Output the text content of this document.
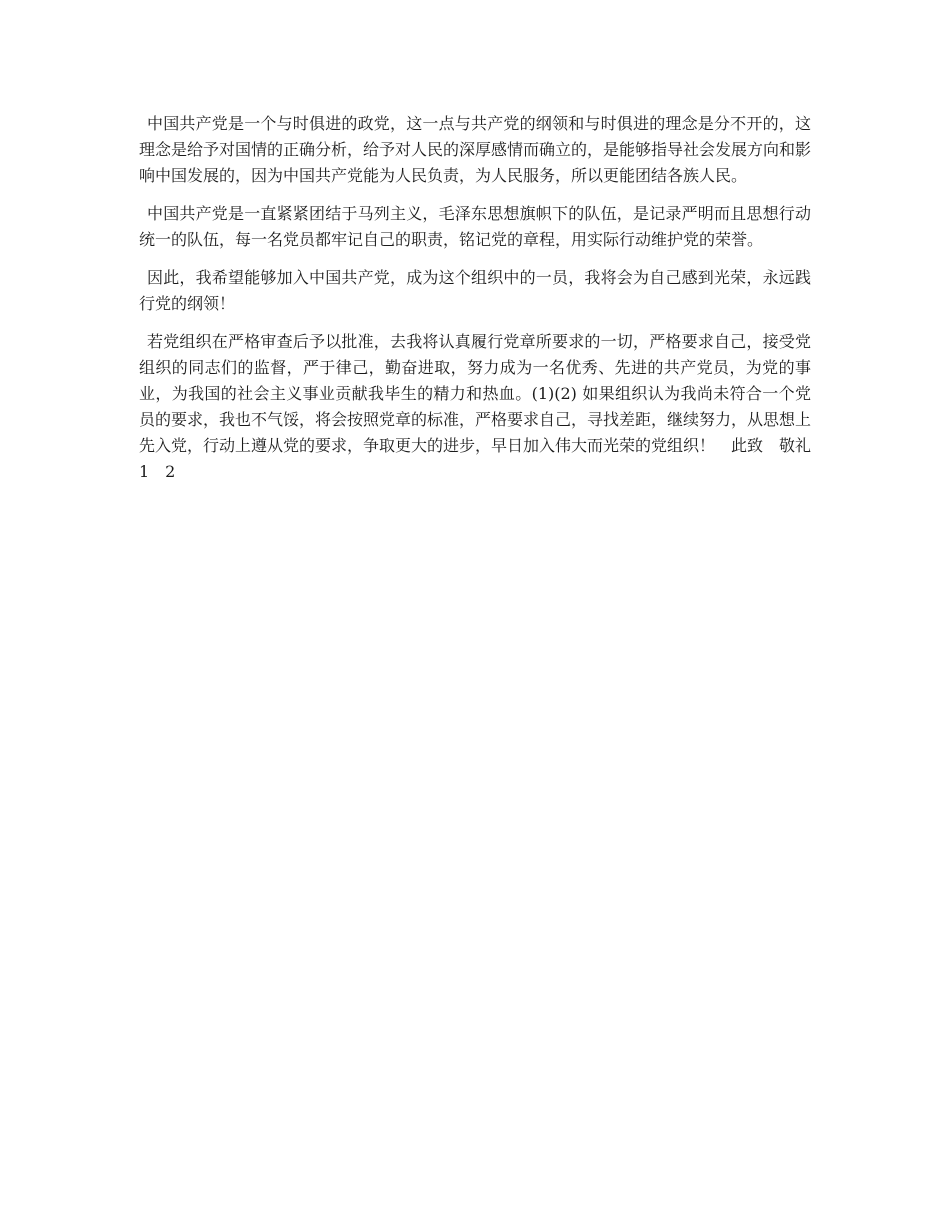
中国共产党是一个与时俱进的政党，这一点与共产党的纲领和与时俱进的理念是分不开的，这理念是给予对国情的正确分析，给予对人民的深厚感情而确立的，是能够指导社会发展方向和影响中国发展的，因为中国共产党能为人民负责，为人民服务，所以更能团结各族人民。

中国共产党是一直紧紧团结于马列主义，毛泽东思想旗帜下的队伍，是记录严明而且思想行动统一的队伍，每一名党员都牢记自己的职责，铭记党的章程，用实际行动维护党的荣誉。

因此，我希望能够加入中国共产党，成为这个组织中的一员，我将会为自己感到光荣，永远践行党的纲领！

若党组织在严格审查后予以批准，去我将认真履行党章所要求的一切，严格要求自己，接受党组织的同志们的监督，严于律己，勤奋进取，努力成为一名优秀、先进的共产党员，为党的事业，为我国的社会主义事业贡献我毕生的精力和热血。(1)(2) 如果组织认为我尚未符合一个党员的要求，我也不气馁，将会按照党章的标准，严格要求自己，寻找差距，继续努力，从思想上先入党，行动上遵从党的要求，争取更大的进步，早日加入伟大而光荣的党组织！　此致　敬礼　1　2
